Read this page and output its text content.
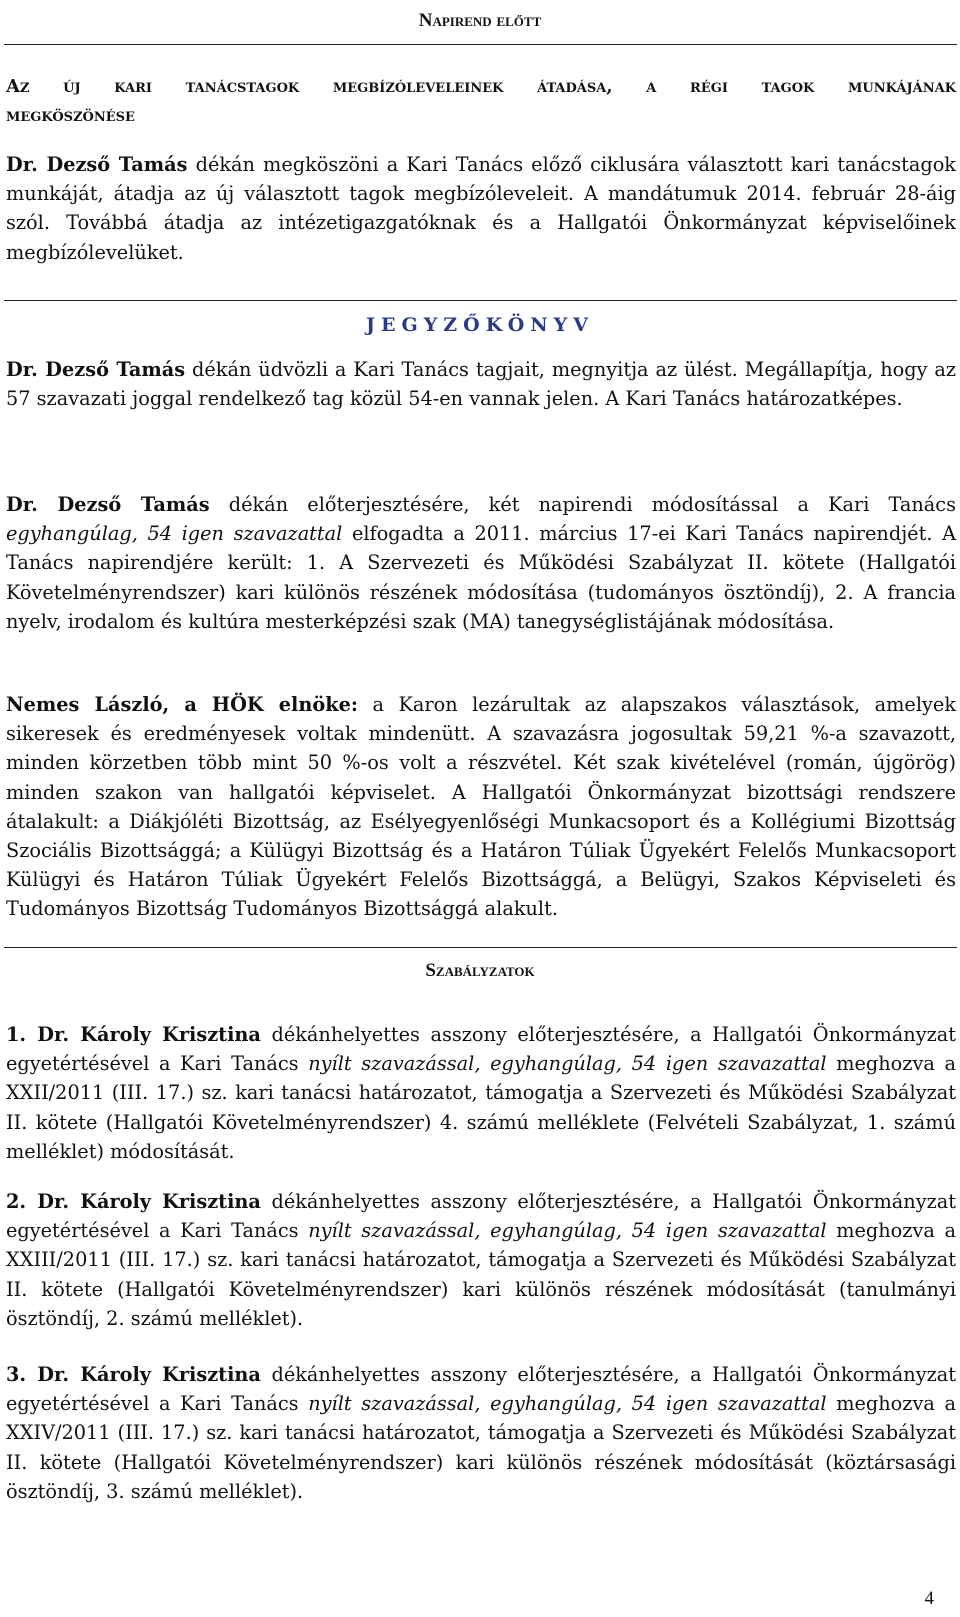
Napirend előtt
Az új kari tanácstagok megbízóleveleinek átadása, a régi tagok munkájának
megköszönése

Dr. Dezső Tamás dékán megköszöni a Kari Tanács előző ciklusára választott kari tanácstagok munkáját, átadja az új választott tagok megbízóleveleit. A mandátumuk 2014. február 28-áig szól. Továbbá átadja az intézetigazgatóknak és a Hallgatói Önkormányzat képviselőinek megbízólevelüket.

JEGYZŐKÖNYV

Dr. Dezső Tamás dékán üdvözli a Kari Tanács tagjait, megnyitja az ülést. Megállapítja, hogy az 57 szavazati joggal rendelkező tag közül 54-en vannak jelen. A Kari Tanács határozatképes.

Dr. Dezső Tamás dékán előterjesztésére, két napirendi módosítással a Kari Tanács egyhangúlag, 54 igen szavazattal elfogadta a 2011. március 17-ei Kari Tanács napirendjét. A Tanács napirendjére került: 1. A Szervezeti és Működési Szabályzat II. kötete (Hallgatói Követelményrendszer) kari különös részének módosítása (tudományos ösztöndíj), 2. A francia nyelv, irodalom és kultúra mesterképzési szak (MA) tanegységlistájának módosítása.

Nemes László, a HÖK elnöke: a Karon lezárultak az alapszakos választások, amelyek sikeresek és eredményesek voltak mindenütt. A szavazásra jogosultak 59,21 %-a szavazott, minden körzetben több mint 50 %-os volt a részvétel. Két szak kivételével (román, újgörög) minden szakon van hallgatói képviselet. A Hallgatói Önkormányzat bizottsági rendszere átalakult: a Diákjóléti Bizottság, az Esélyegyenlőségi Munkacsoport és a Kollégiumi Bizottság Szociális Bizottsággá; a Külügyi Bizottság és a Határon Túliak Ügyekért Felelős Munkacsoport Külügyi és Határon Túliak Ügyekért Felelős Bizottsággá, a Belügyi, Szakos Képviseleti és Tudományos Bizottság Tudományos Bizottsággá alakult.

Szabályzatok

1. Dr. Károly Krisztina dékánhelyettes asszony előterjesztésére, a Hallgatói Önkormányzat egyetértésével a Kari Tanács nyílt szavazással, egyhangúlag, 54 igen szavazattal meghozva a XXII/2011 (III. 17.) sz. kari tanácsi határozatot, támogatja a Szervezeti és Működési Szabályzat II. kötete (Hallgatói Követelményrendszer) 4. számú melléklete (Felvételi Szabályzat, 1. számú melléklet) módosítását.

2. Dr. Károly Krisztina dékánhelyettes asszony előterjesztésére, a Hallgatói Önkormányzat egyetértésével a Kari Tanács nyílt szavazással, egyhangúlag, 54 igen szavazattal meghozva a XXIII/2011 (III. 17.) sz. kari tanácsi határozatot, támogatja a Szervezeti és Működési Szabályzat II. kötete (Hallgatói Követelményrendszer) kari különös részének módosítását (tanulmányi ösztöndíj, 2. számú melléklet).

3. Dr. Károly Krisztina dékánhelyettes asszony előterjesztésére, a Hallgatói Önkormányzat egyetértésével a Kari Tanács nyílt szavazással, egyhangúlag, 54 igen szavazattal meghozva a XXIV/2011 (III. 17.) sz. kari tanácsi határozatot, támogatja a Szervezeti és Működési Szabályzat II. kötete (Hallgatói Követelményrendszer) kari különös részének módosítását (köztársasági ösztöndíj, 3. számú melléklet).

4
